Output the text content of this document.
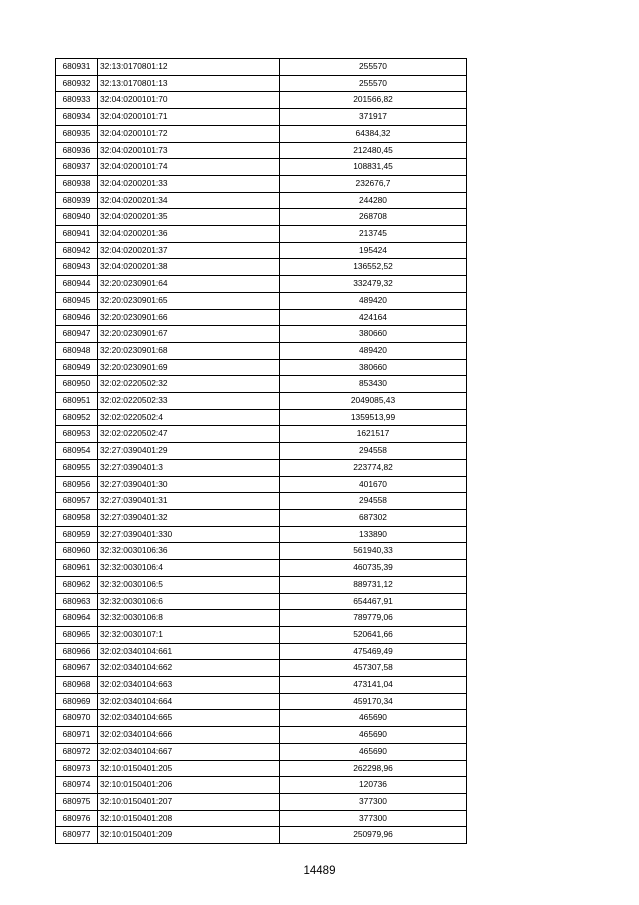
680931	32:13:0170801:12	255570
680932	32:13:0170801:13	255570
680933	32:04:0200101:70	201566,82
680934	32:04:0200101:71	371917
680935	32:04:0200101:72	64384,32
680936	32:04:0200101:73	212480,45
680937	32:04:0200101:74	108831,45
680938	32:04:0200201:33	232676,7
680939	32:04:0200201:34	244280
680940	32:04:0200201:35	268708
680941	32:04:0200201:36	213745
680942	32:04:0200201:37	195424
680943	32:04:0200201:38	136552,52
680944	32:20:0230901:64	332479,32
680945	32:20:0230901:65	489420
680946	32:20:0230901:66	424164
680947	32:20:0230901:67	380660
680948	32:20:0230901:68	489420
680949	32:20:0230901:69	380660
680950	32:02:0220502:32	853430
680951	32:02:0220502:33	2049085,43
680952	32:02:0220502:4	1359513,99
680953	32:02:0220502:47	1621517
680954	32:27:0390401:29	294558
680955	32:27:0390401:3	223774,82
680956	32:27:0390401:30	401670
680957	32:27:0390401:31	294558
680958	32:27:0390401:32	687302
680959	32:27:0390401:330	133890
680960	32:32:0030106:36	561940,33
680961	32:32:0030106:4	460735,39
680962	32:32:0030106:5	889731,12
680963	32:32:0030106:6	654467,91
680964	32:32:0030106:8	789779,06
680965	32:32:0030107:1	520641,66
680966	32:02:0340104:661	475469,49
680967	32:02:0340104:662	457307,58
680968	32:02:0340104:663	473141,04
680969	32:02:0340104:664	459170,34
680970	32:02:0340104:665	465690
680971	32:02:0340104:666	465690
680972	32:02:0340104:667	465690
680973	32:10:0150401:205	262298,96
680974	32:10:0150401:206	120736
680975	32:10:0150401:207	377300
680976	32:10:0150401:208	377300
680977	32:10:0150401:209	250979,96
14489
